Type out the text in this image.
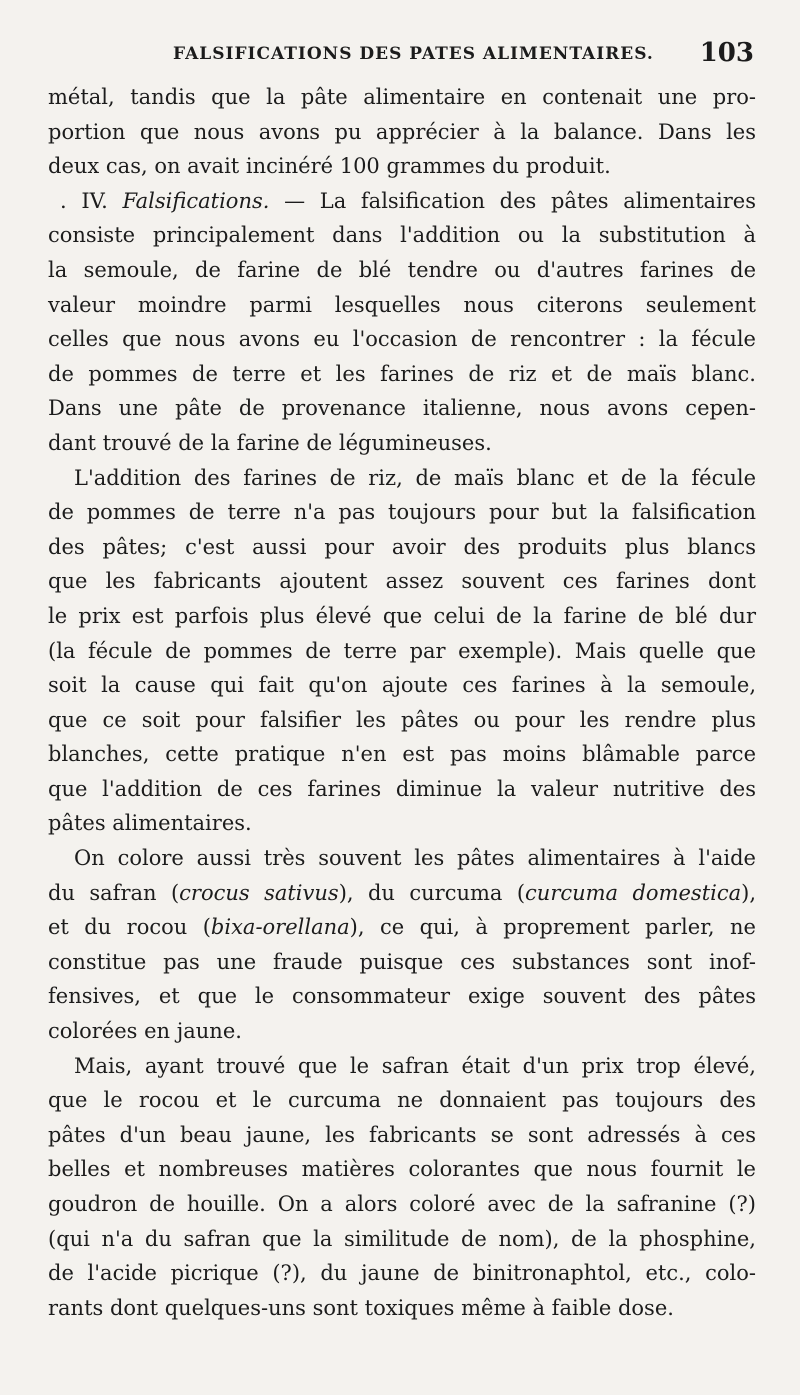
FALSIFICATIONS DES PATES ALIMENTAIRES. 103
métal, tandis que la pâte alimentaire en contenait une pro-
portion que nous avons pu apprécier à la balance. Dans les
deux cas, on avait incinéré 100 grammes du produit.
. IV. Falsifications. — La falsification des pâtes alimentaires
consiste principalement dans l'addition ou la substitution à
la semoule, de farine de blé tendre ou d'autres farines de
valeur moindre parmi lesquelles nous citerons seulement
celles que nous avons eu l'occasion de rencontrer : la fécule
de pommes de terre et les farines de riz et de maïs blanc.
Dans une pâte de provenance italienne, nous avons cepen-
dant trouvé de la farine de légumineuses.
L'addition des farines de riz, de maïs blanc et de la fécule
de pommes de terre n'a pas toujours pour but la falsification
des pâtes; c'est aussi pour avoir des produits plus blancs
que les fabricants ajoutent assez souvent ces farines dont
le prix est parfois plus élevé que celui de la farine de blé dur
(la fécule de pommes de terre par exemple). Mais quelle que
soit la cause qui fait qu'on ajoute ces farines à la semoule,
que ce soit pour falsifier les pâtes ou pour les rendre plus
blanches, cette pratique n'en est pas moins blâmable parce
que l'addition de ces farines diminue la valeur nutritive des
pâtes alimentaires.
On colore aussi très souvent les pâtes alimentaires à l'aide
du safran (crocus sativus), du curcuma (curcuma domestica),
et du rocou (bixa-orellana), ce qui, à proprement parler, ne
constitue pas une fraude puisque ces substances sont inof-
fensives, et que le consommateur exige souvent des pâtes
colorées en jaune.
Mais, ayant trouvé que le safran était d'un prix trop élevé,
que le rocou et le curcuma ne donnaient pas toujours des
pâtes d'un beau jaune, les fabricants se sont adressés à ces
belles et nombreuses matières colorantes que nous fournit le
goudron de houille. On a alors coloré avec de la safranine (?)
(qui n'a du safran que la similitude de nom), de la phosphine,
de l'acide picrique (?), du jaune de binitronaphtol, etc., colo-
rants dont quelques-uns sont toxiques même à faible dose.
